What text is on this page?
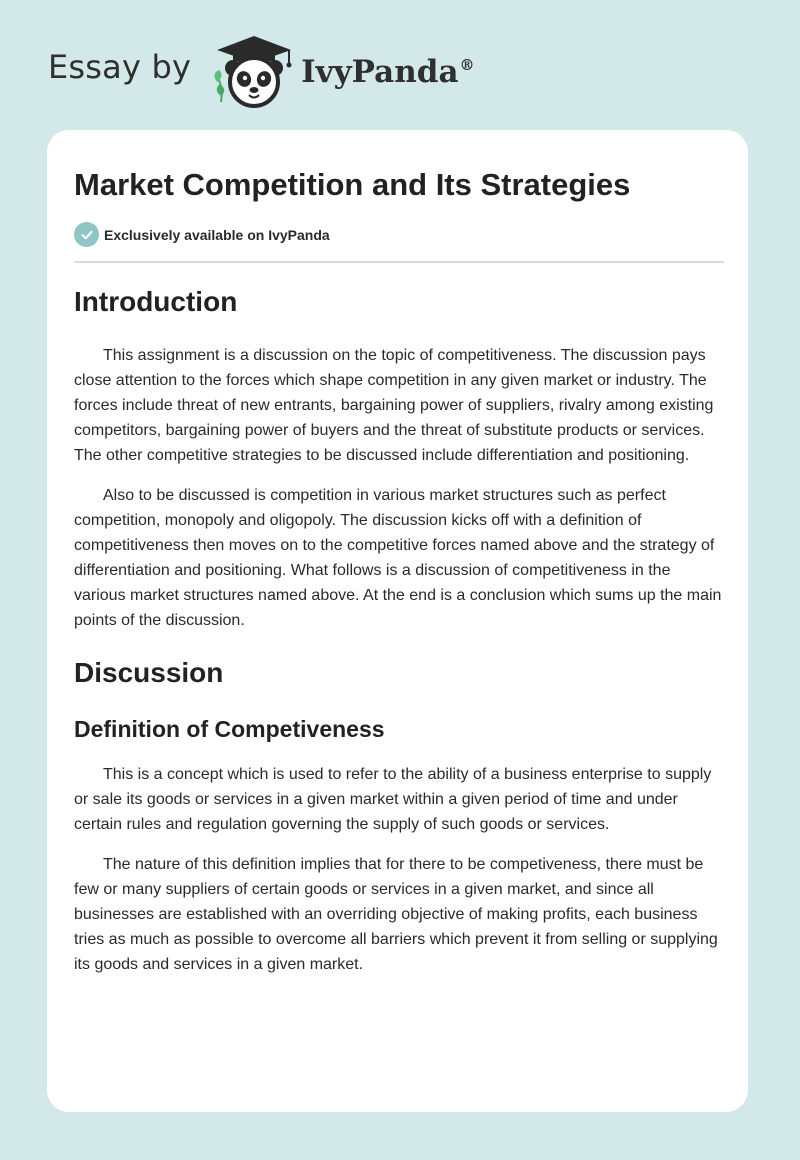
Essay by	IvyPanda®
Market Competition and Its Strategies
Exclusively available on IvyPanda
Introduction

This assignment is a discussion on the topic of competitiveness. The discussion pays close attention to the forces which shape competition in any given market or industry. The forces include threat of new entrants, bargaining power of suppliers, rivalry among existing competitors, bargaining power of buyers and the threat of substitute products or services. The other competitive strategies to be discussed include differentiation and positioning.

Also to be discussed is competition in various market structures such as perfect competition, monopoly and oligopoly. The discussion kicks off with a definition of competitiveness then moves on to the competitive forces named above and the strategy of differentiation and positioning. What follows is a discussion of competitiveness in the various market structures named above. At the end is a conclusion which sums up the main points of the discussion.

Discussion
Definition of Competiveness

This is a concept which is used to refer to the ability of a business enterprise to supply or sale its goods or services in a given market within a given period of time and under certain rules and regulation governing the supply of such goods or services.

The nature of this definition implies that for there to be competiveness, there must be few or many suppliers of certain goods or services in a given market, and since all businesses are established with an overriding objective of making profits, each business tries as much as possible to overcome all barriers which prevent it from selling or supplying its goods and services in a given market.
